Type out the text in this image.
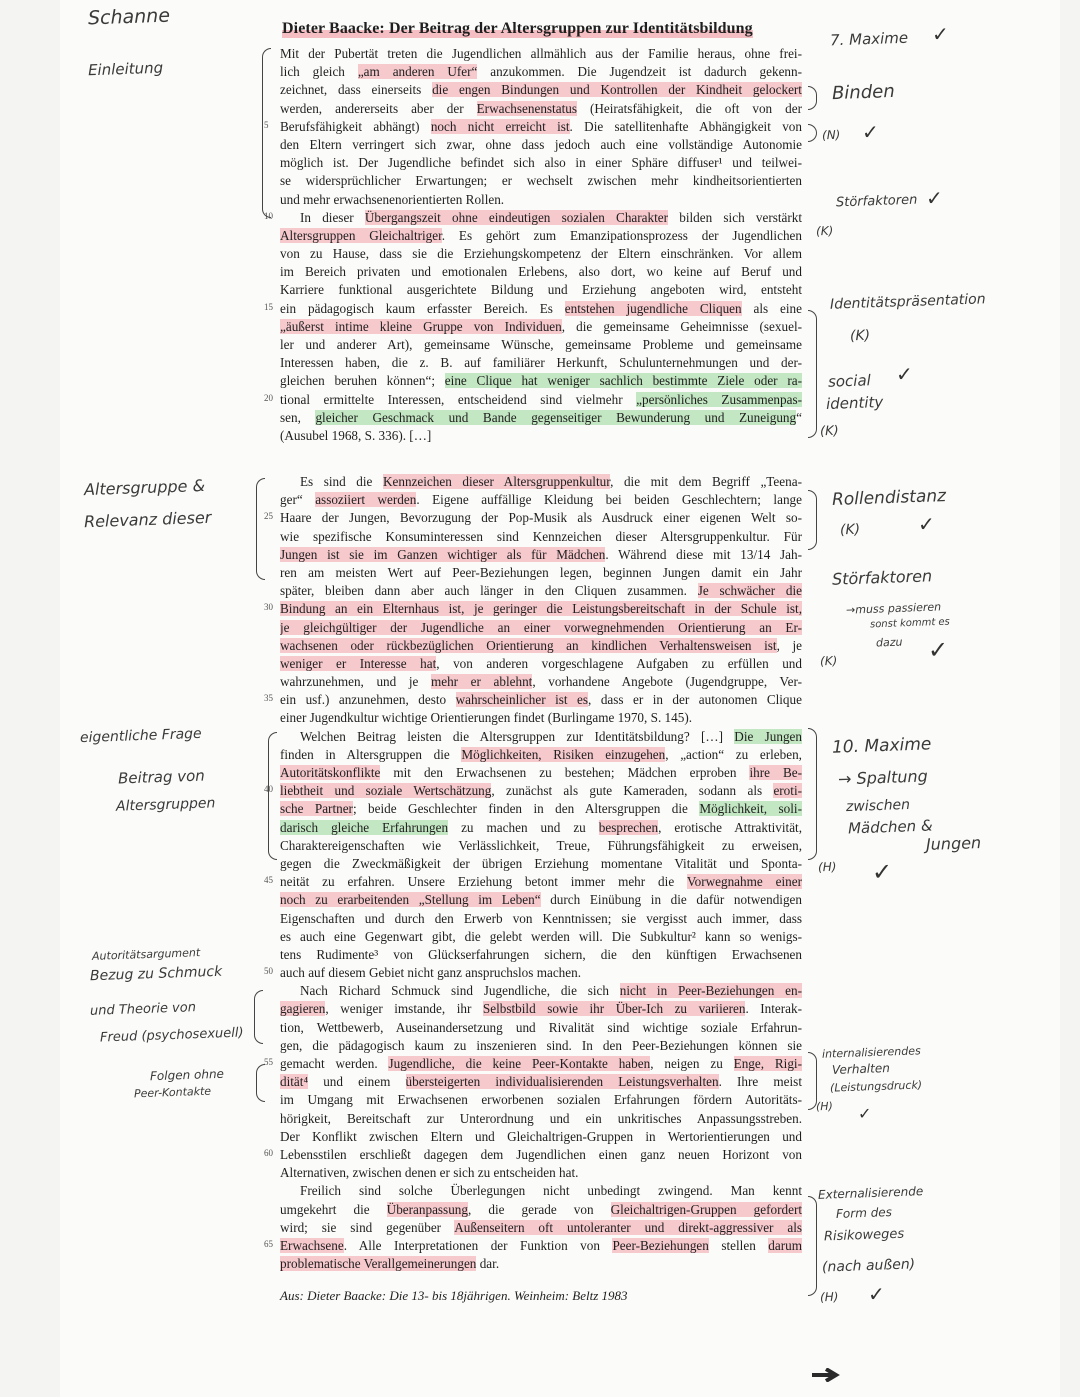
Dieter Baacke: Der Beitrag der Altersgruppen zur Identitätsbildung
Mit der Pubertät treten die Jugendlichen allmählich aus der Familie heraus, ohne frei-
lich gleich „am anderen Ufer“ anzukommen. Die Jugendzeit ist dadurch gekenn-
zeichnet, dass einerseits die engen Bindungen und Kontrollen der Kindheit gelockert
werden, andererseits aber der Erwachsenenstatus (Heiratsfähigkeit, die oft von der
Berufsfähigkeit abhängt) noch nicht erreicht ist. Die satellitenhafte Abhängigkeit von
den Eltern verringert sich zwar, ohne dass jedoch auch eine vollständige Autonomie
möglich ist. Der Jugendliche befindet sich also in einer Sphäre diffuser¹ und teilwei-
se widersprüchlicher Erwartungen; er wechselt zwischen mehr kindheitsorientierten
und mehr erwachsenenorientierten Rollen.
In dieser Übergangszeit ohne eindeutigen sozialen Charakter bilden sich verstärkt
Altersgruppen Gleichaltriger. Es gehört zum Emanzipationsprozess der Jugendlichen
von zu Hause, dass sie die Erziehungskompetenz der Eltern einschränken. Vor allem
im Bereich privaten und emotionalen Erlebens, also dort, wo keine auf Beruf und
Karriere funktional ausgerichtete Bildung und Erziehung angeboten wird, entsteht
ein pädagogisch kaum erfasster Bereich. Es entstehen jugendliche Cliquen als eine
„äußerst intime kleine Gruppe von Individuen, die gemeinsame Geheimnisse (sexuel-
ler und anderer Art), gemeinsame Wünsche, gemeinsame Probleme und gemeinsame
Interessen haben, die z. B. auf familiärer Herkunft, Schulunternehmungen und der-
gleichen beruhen können“; eine Clique hat weniger sachlich bestimmte Ziele oder ra-
tional ermittelte Interessen, entscheidend sind vielmehr „persönliches Zusammenpas-
sen, gleicher Geschmack und Bande gegenseitiger Bewunderung und Zuneigung“
(Ausubel 1968, S. 336). […]
5
10
15
20
Es sind die Kennzeichen dieser Altersgruppenkultur, die mit dem Begriff „Teena-
ger“ assoziiert werden. Eigene auffällige Kleidung bei beiden Geschlechtern; lange
Haare der Jungen, Bevorzugung der Pop-Musik als Ausdruck einer eigenen Welt so-
wie spezifische Konsuminteressen sind Kennzeichen dieser Altersgruppenkultur. Für
Jungen ist sie im Ganzen wichtiger als für Mädchen. Während diese mit 13/14 Jah-
ren am meisten Wert auf Peer-Beziehungen legen, beginnen Jungen damit ein Jahr
später, bleiben dann aber auch länger in den Cliquen zusammen. Je schwächer die
Bindung an ein Elternhaus ist, je geringer die Leistungsbereitschaft in der Schule ist,
je gleichgültiger der Jugendliche an einer vorwegnehmenden Orientierung an Er-
wachsenen oder rückbezüglichen Orientierung an kindlichen Verhaltensweisen ist, je
weniger er Interesse hat, von anderen vorgeschlagene Aufgaben zu erfüllen und
wahrzunehmen, und je mehr er ablehnt, vorhandene Angebote (Jugendgruppe, Ver-
ein usf.) anzunehmen, desto wahrscheinlicher ist es, dass er in der autonomen Clique
einer Jugendkultur wichtige Orientierungen findet (Burlingame 1970, S. 145).
Welchen Beitrag leisten die Altersgruppen zur Identitätsbildung? […] Die Jungen
finden in Altersgruppen die Möglichkeiten, Risiken einzugehen, „action“ zu erleben,
Autoritätskonflikte mit den Erwachsenen zu bestehen; Mädchen erproben ihre Be-
liebtheit und soziale Wertschätzung, zunächst als gute Kameraden, sodann als eroti-
sche Partner; beide Geschlechter finden in den Altersgruppen die Möglichkeit, soli-
darisch gleiche Erfahrungen zu machen und zu besprechen, erotische Attraktivität,
Charaktereigenschaften wie Verlässlichkeit, Treue, Führungsfähigkeit zu erweisen,
gegen die Zweckmäßigkeit der übrigen Erziehung momentane Vitalität und Sponta-
neität zu erfahren. Unsere Erziehung betont immer mehr die Vorwegnahme einer
noch zu erarbeitenden „Stellung im Leben“ durch Einübung in die dafür notwendigen
Eigenschaften und durch den Erwerb von Kenntnissen; sie vergisst auch immer, dass
es auch eine Gegenwart gibt, die gelebt werden will. Die Subkultur² kann so wenigs-
tens Rudimente³ von Glückserfahrungen sichern, die den künftigen Erwachsenen
auch auf diesem Gebiet nicht ganz anspruchslos machen.
Nach Richard Schmuck sind Jugendliche, die sich nicht in Peer-Beziehungen en-
gagieren, weniger imstande, ihr Selbstbild sowie ihr Über-Ich zu variieren. Interak-
tion, Wettbewerb, Auseinandersetzung und Rivalität sind wichtige soziale Erfahrun-
gen, die pädagogisch kaum zu inszenieren sind. In den Peer-Beziehungen können sie
gemacht werden. Jugendliche, die keine Peer-Kontakte haben, neigen zu Enge, Rigi-
dität⁴ und einem übersteigerten individualisierenden Leistungsverhalten. Ihre meist
im Umgang mit Erwachsenen erworbenen sozialen Erfahrungen fördern Autoritäts-
hörigkeit, Bereitschaft zur Unterordnung und ein unkritisches Anpassungsstreben.
Der Konflikt zwischen Eltern und Gleichaltrigen-Gruppen in Wertorientierungen und
Lebensstilen erschließt dagegen dem Jugendlichen einen ganz neuen Horizont von
Alternativen, zwischen denen er sich zu entscheiden hat.
Freilich sind solche Überlegungen nicht unbedingt zwingend. Man kennt
umgekehrt die Überanpassung, die gerade von Gleichaltrigen-Gruppen gefordert
wird; sie sind gegenüber Außenseitern oft untoleranter und direkt-aggressiver als
Erwachsene. Alle Interpretationen der Funktion von Peer-Beziehungen stellen darum
problematische Verallgemeinerungen dar.
25
30
35
40
45
50
55
60
65
Aus: Dieter Baacke: Die 13- bis 18jährigen. Weinheim: Beltz 1983
Schanne
Einleitung
Altersgruppe &
Relevanz dieser
eigentliche Frage
Beitrag von
Altersgruppen
Autoritätsargument
Bezug zu Schmuck
und Theorie von
Freud (psychosexuell)
Folgen ohne
Peer-Kontakte
7. Maxime ✓
Binden
(N) ✓
Störfaktoren ✓
(K)
Identitätspräsentation
(K)
social ✓
identity
(K)
Rollendistanz
(K)	✓
Störfaktoren
→muss passieren
sonst kommt es
dazu ✓
(K)
10. Maxime
→ Spaltung
zwischen
Mädchen &
Jungen
(H) ✓
internalisierendes
Verhalten
(Leistungsdruck)
(H) ✓
Externalisierende
Form des
Risikoweges
(nach außen)
(H) ✓
